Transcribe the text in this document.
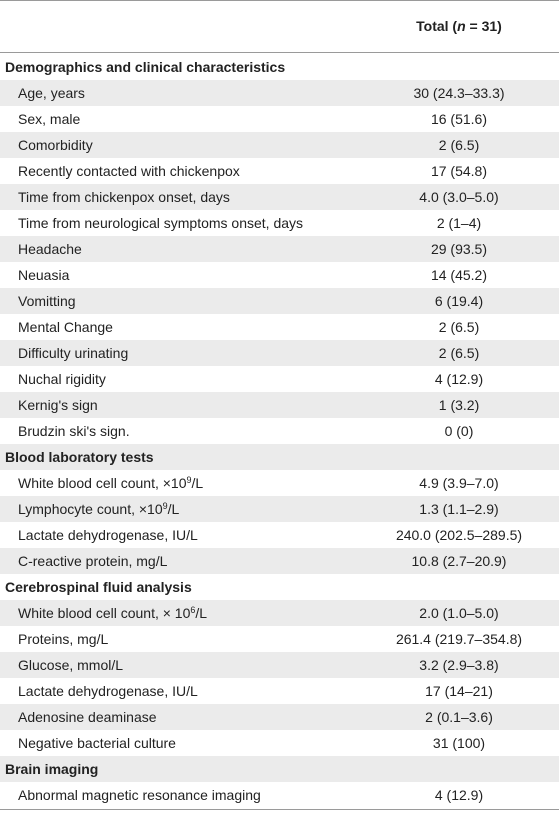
Total (n = 31)
Demographics and clinical characteristics
Age, years	30 (24.3–33.3)
Sex, male	16 (51.6)
Comorbidity	2 (6.5)
Recently contacted with chickenpox	17 (54.8)
Time from chickenpox onset, days	4.0 (3.0–5.0)
Time from neurological symptoms onset, days	2 (1–4)
Headache	29 (93.5)
Neuasia	14 (45.2)
Vomitting	6 (19.4)
Mental Change	2 (6.5)
Difficulty urinating	2 (6.5)
Nuchal rigidity	4 (12.9)
Kernig's sign	1 (3.2)
Brudzin ski's sign.	0 (0)
Blood laboratory tests
White blood cell count, $\times 10^9/L$	4.9 (3.9–7.0)
Lymphocyte count, $\times 10^9/L$	1.3 (1.1–2.9)
Lactate dehydrogenase, IU/L	240.0 (202.5–289.5)
C-reactive protein, mg/L	10.8 (2.7–20.9)
Cerebrospinal fluid analysis
White blood cell count, × $10^6/L$	2.0 (1.0–5.0)
Proteins, mg/L	261.4 (219.7–354.8)
Glucose, mmol/L	3.2 (2.9–3.8)
Lactate dehydrogenase, IU/L	17 (14–21)
Adenosine deaminase	2 (0.1–3.6)
Negative bacterial culture	31 (100)
Brain imaging
Abnormal magnetic resonance imaging	4 (12.9)
